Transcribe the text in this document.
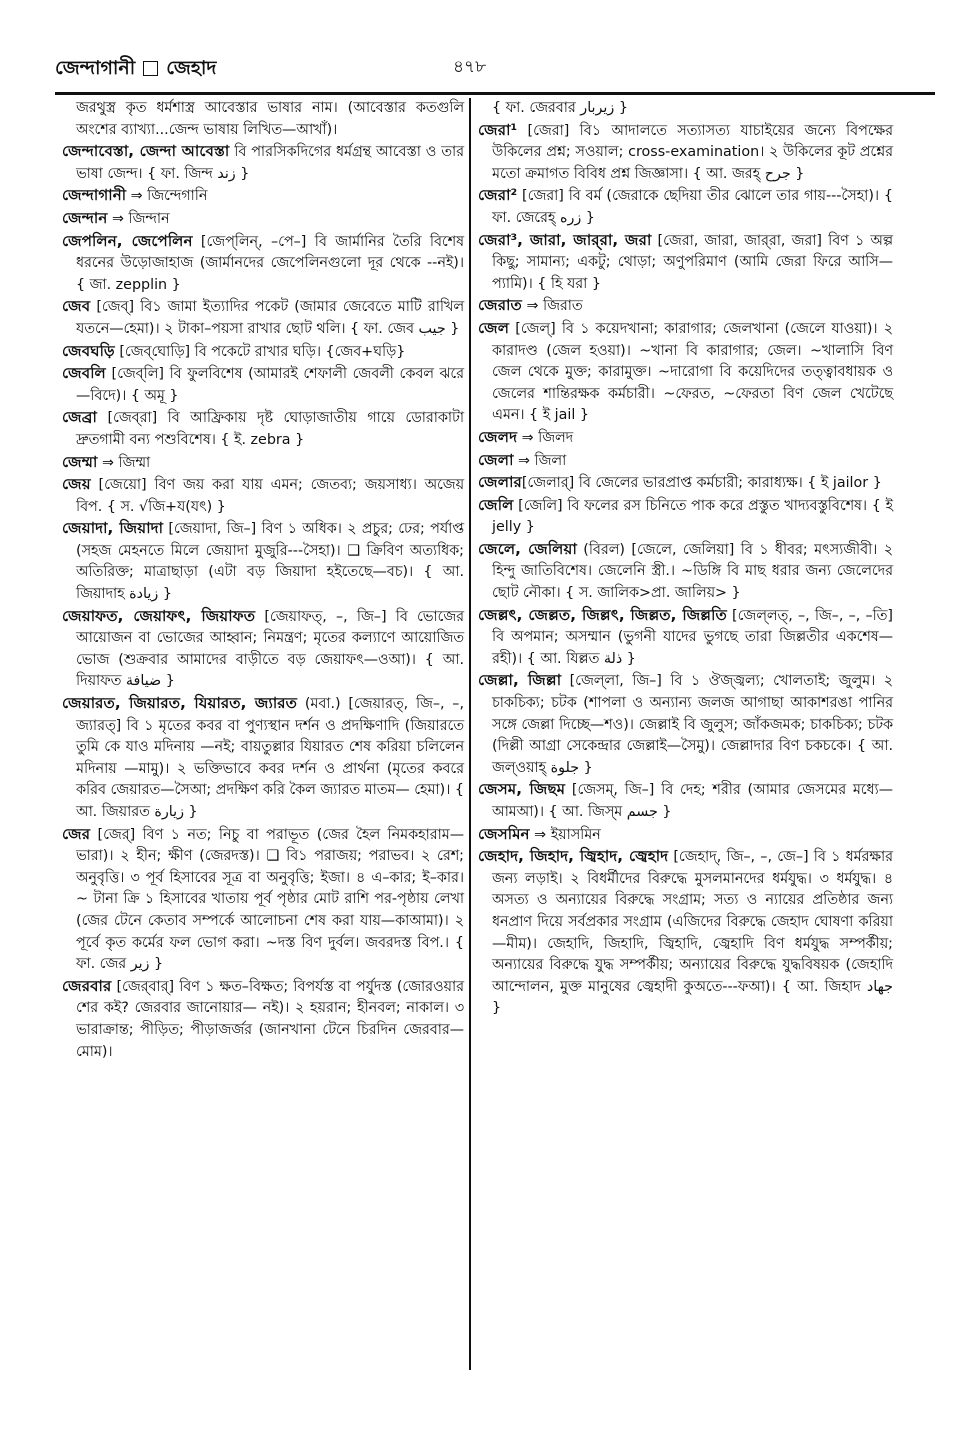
জেন্দাগানী জেহাদ	৪৭৮

জরথুস্ত্র কৃত ধর্মশাস্ত্র আবেস্তার ভাষার নাম। (আবেস্তার কতগুলি অংশের ব্যাখ্যা...জেন্দ ভাষায় লিখিত—আখাঁ)।

জেন্দাবেস্তা, জেন্দা আবেস্তা বি পারসিকদিগের ধর্মগ্রন্থ আবেস্তা ও তার ভাষা জেন্দ। { ফা. জিন্দ زند }

জেন্দাগানী ⇒ জিন্দেগানি

জেন্দান ⇒ জিন্দান

জেপলিন, জেপেলিন [জেপ্‌লিন্, –পে–] বি জার্মানির তৈরি বিশেষ ধরনের উড়োজাহাজ (জার্মানদের জেপেলিনগুলো দূর থেকে --নই)। { জা. zepplin }

জেব [জেব্] বি১ জামা ইত্যাদির পকেট (জামার জেবেতে মাটি রাখিল যতনে—হেমা)। ২ টাকা–পয়সা রাখার ছোট থলি। { ফা. জেব جيب }

জেবঘড়ি [জেব্‌ঘোড়ি] বি পকেটে রাখার ঘড়ি। {জেব+ঘড়ি}

জেবলি [জেব্‌লি] বি ফুলবিশেষ (আমারই শেফালী জেবলী কেবল ঝরে—বিদে)। { অমূ }

জেব্রা [জেব্‌রা] বি আফ্রিকায় দৃষ্ট ঘোড়াজাতীয় গায়ে ডোরাকাটা দ্রুতগামী বন্য পশুবিশেষ। { ই. zebra }

জেম্মা ⇒ জিম্মা

জেয় [জেয়ো] বিণ জয় করা যায় এমন; জেতব্য; জয়সাধ্য। অজেয় বিপ. { স. √জি+য(যৎ) }

জেয়াদা, জিয়াদা [জেয়াদা, জি–] বিণ ১ অধিক। ২ প্রচুর; ঢের; পর্যাপ্ত (সহজ মেহনতে মিলে জেয়াদা মুজুরি---সৈহা)। ❑ ক্রিবিণ অত্যধিক; অতিরিক্ত; মাত্রাছাড়া (এটা বড় জিয়াদা হইতেছে—বচ)। { আ. জিয়াদাহ زيادة }

জেয়াফত, জেয়াফৎ, জিয়াফত [জেয়াফত্, –, জি–] বি ভোজের আয়োজন বা ভোজের আহ্বান; নিমন্ত্রণ; মৃতের কল্যাণে আয়োজিত ভোজ (শুক্রবার আমাদের বাড়ীতে বড় জেয়াফৎ—ওআ)। { আ. দিয়াফত ضيافة }

জেয়ারত, জিয়ারত, যিয়ারত, জ্যারত (মবা.) [জেয়ারত্, জি–, –, জ্যারত্] বি ১ মৃতের কবর বা পুণ্যস্থান দর্শন ও প্রদক্ষিণাদি (জিয়ারতে তুমি কে যাও মদিনায় —নই; বায়তুল্লার যিয়ারত শেষ করিয়া চলিলেন মদিনায় —মামু)। ২ ভক্তিভাবে কবর দর্শন ও প্রার্থনা (মৃতের কবরে করিব জেয়ারত—সৈআ; প্রদক্ষিণ করি কৈল জ্যারত মাতম— হেমা)। { আ. জিয়ারত زيارة }

জের [জের্] বিণ ১ নত; নিচু বা পরাভূত (জের হৈল নিমকহারাম— ভারা)। ২ হীন; ক্ষীণ (জেরদস্ত)। ❑ বি১ পরাজয়; পরাভব। ২ রেশ; অনুবৃত্তি। ৩ পূর্ব হিসাবের সূত্র বা অনুবৃত্তি; ইজা। ৪ এ–কার; ই–কার। ~ টানা ক্রি ১ হিসাবের খাতায় পূর্ব পৃষ্ঠার মোট রাশি পর-পৃষ্ঠায় লেখা (জের টেনে কেতাব সম্পর্কে আলোচনা শেষ করা যায়—কাআমা)। ২ পূর্বে কৃত কর্মের ফল ভোগ করা। ~দস্ত বিণ দুর্বল। জবরদস্ত বিপ.। { ফা. জের زير }

জেরবার [জের্‌বার্] বিণ ১ ক্ষত–বিক্ষত; বিপর্যস্ত বা পর্যুদস্ত (জোরওয়ার শের কই? জেরবার জানোয়ার— নই)। ২ হয়রান; হীনবল; নাকাল। ৩ ভারাক্রান্ত; পীড়িত; পীড়াজর্জর (জানখানা টেনে চিরদিন জেরবার—মোম)।

{ ফা. জেরবার زيربار }

জেরা¹ [জেরা] বি১ আদালতে সত্যাসত্য যাচাইয়ের জন্যে বিপক্ষের উকিলের প্রশ্ন; সওয়াল; cross-examination। ২ উকিলের কূট প্রশ্নের মতো ক্রমাগত বিবিধ প্রশ্ন জিজ্ঞাসা। { আ. জরহ্ جرح }

জেরা² [জেরা] বি বর্ম (জেরাকে ছেদিয়া তীর ঝোলে তার গায়---সৈহা)। { ফা. জেরেহ্ زره }

জেরা³, জারা, জার্‌রা, জরা [জেরা, জারা, জার্‌রা, জরা] বিণ ১ অল্প কিছু; সামান্য; একটু; থোড়া; অণুপরিমাণ (আমি জেরা ফিরে আসি—প্যামি)। { হি যরা }

জেরাত ⇒ জিরাত

জেল [জেল্] বি ১ কয়েদখানা; কারাগার; জেলখানা (জেলে যাওয়া)। ২ কারাদণ্ড (জেল হওয়া)। ~খানা বি কারাগার; জেল। ~খালাসি বিণ জেল থেকে মুক্ত; কারামুক্ত। ~দারোগা বি কয়েদিদের তত্ত্বাবধায়ক ও জেলের শান্তিরক্ষক কর্মচারী। ~ফেরত, ~ফেরতা বিণ জেল খেটেছে এমন। { ই jail }

জেলদ ⇒ জিলদ

জেলা ⇒ জিলা

জেলার[জেলার্] বি জেলের ভারপ্রাপ্ত কর্মচারী; কারাধ্যক্ষ। { ই jailor }

জেলি [জেলি] বি ফলের রস চিনিতে পাক করে প্রস্তুত খাদ্যবস্তুবিশেষ। { ই jelly }

জেলে, জেলিয়া (বিরল) [জেলে, জেলিয়া] বি ১ ধীবর; মৎস্যজীবী। ২ হিন্দু জাতিবিশেষ। জেলেনি স্ত্রী.। ~ডিঙ্গি বি মাছ ধরার জন্য জেলেদের ছোট নৌকা। { স. জালিক>প্রা. জালিয়> }

জেল্লৎ, জেল্লত, জিল্লৎ, জিল্লত, জিল্লতি [জেল্‌লত্, –, জি–, –, –তি] বি অপমান; অসম্মান (ভুগনী যাদের ভুগছে তারা জিল্লতীর একশেষ—রহী)। { আ. যিল্লত ذلة }

জেল্লা, জিল্লা [জেল্‌লা, জি–] বি ১ ঔজ্জ্বল্য; খোলতাই; জুলুম। ২ চাকচিক্য; চটক (শাপলা ও অন্যান্য জলজ আগাছা আকাশরঙা পানির সঙ্গে জেল্লা দিচ্ছে—শও)। জেল্লাই বি জুলুস; জাঁকজমক; চাকচিক্য; চটক (দিল্লী আগ্রা সেকেন্দ্রার জেল্লাই—সৈমু)। জেল্লাদার বিণ চকচকে। { আ. জল্‌ওয়াহ্ جلوة }

জেসম, জিছম [জেসম্, জি–] বি দেহ; শরীর (আমার জেসমের মধ্যে— আমআ)। { আ. জিস্‌ম جسم }

জেসমিন ⇒ ইয়াসমিন

জেহাদ, জিহাদ, জ্বিহাদ, জ্বেহাদ [জেহাদ্, জি–, –, জে–] বি ১ ধর্মরক্ষার জন্য লড়াই। ২ বিধর্মীদের বিরুদ্ধে মুসলমানদের ধর্মযুদ্ধ। ৩ ধর্মযুদ্ধ। ৪ অসত্য ও অন্যায়ের বিরুদ্ধে সংগ্রাম; সত্য ও ন্যায়ের প্রতিষ্ঠার জন্য ধনপ্রাণ দিয়ে সর্বপ্রকার সংগ্রাম (এজিদের বিরুদ্ধে জেহাদ ঘোষণা করিয়া —মীম)। জেহাদি, জিহাদি, জ্বিহাদি, জ্বেহাদি বিণ ধর্মযুদ্ধ সম্পর্কীয়; অন্যায়ের বিরুদ্ধে যুদ্ধ সম্পর্কীয়; অন্যায়ের বিরুদ্ধে যুদ্ধবিষয়ক (জেহাদি আন্দোলন, মুক্ত মানুষের জ্বেহাদী কুঅতে---ফআ)। { আ. জিহাদ جهاد }
